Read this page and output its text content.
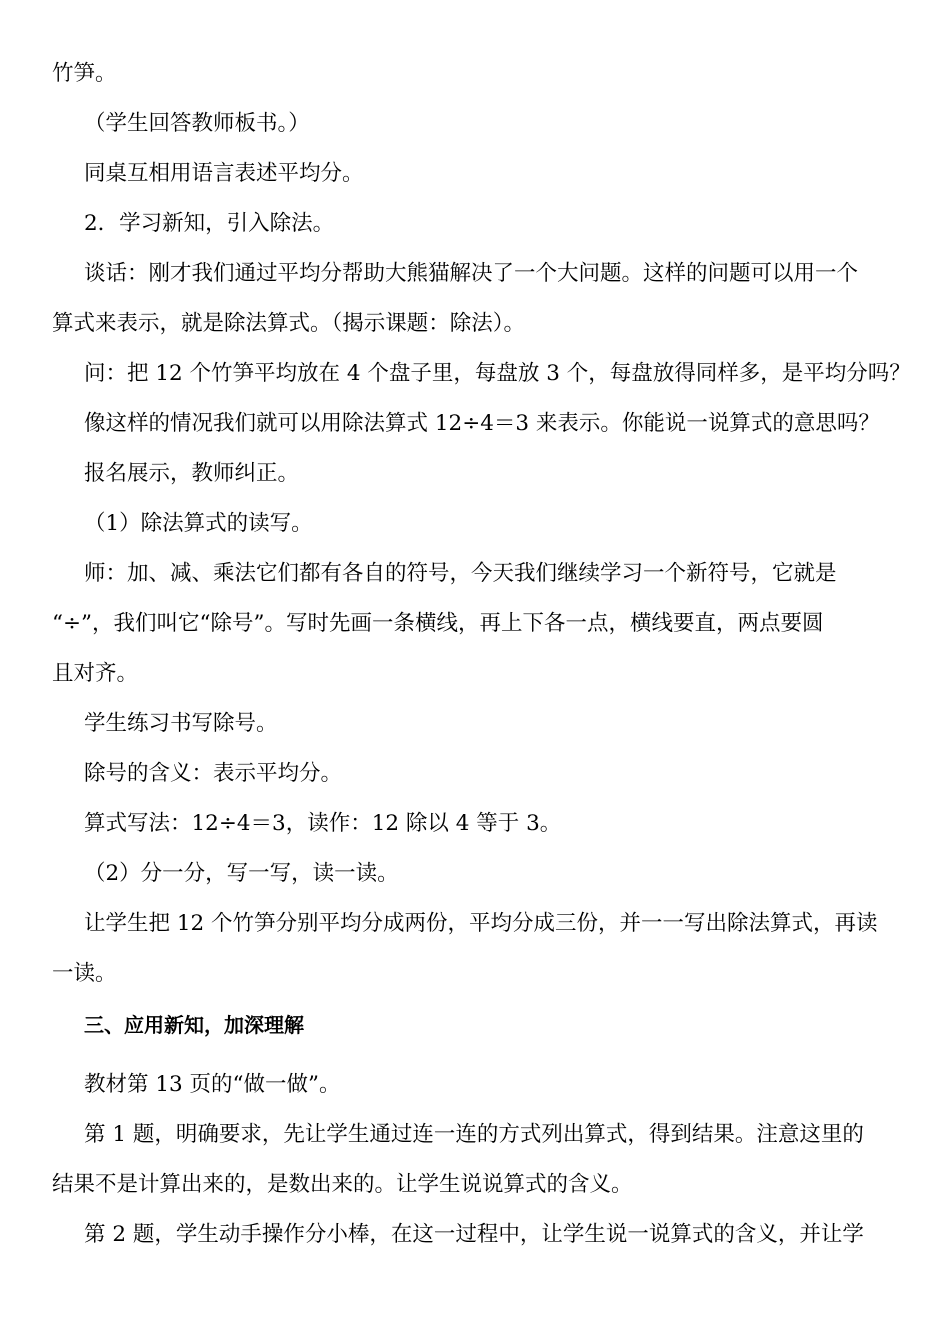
竹笋。

（学生回答教师板书。）

同桌互相用语言表述平均分。

2．学习新知，引入除法。

谈话：刚才我们通过平均分帮助大熊猫解决了一个大问题。这样的问题可以用一个

算式来表示，就是除法算式。（揭示课题：除法）。

问：把 12 个竹笋平均放在 4 个盘子里，每盘放 3 个，每盘放得同样多，是平均分吗？

像这样的情况我们就可以用除法算式 12÷4＝3 来表示。你能说一说算式的意思吗？

报名展示，教师纠正。

（1）除法算式的读写。

师：加、减、乘法它们都有各自的符号，今天我们继续学习一个新符号，它就是

“÷”，我们叫它“除号”。写时先画一条横线，再上下各一点，横线要直，两点要圆

且对齐。

学生练习书写除号。

除号的含义：表示平均分。

算式写法：12÷4＝3，读作：12 除以 4 等于 3。

（2）分一分，写一写，读一读。

让学生把 12 个竹笋分别平均分成两份，平均分成三份，并一一写出除法算式，再读

一读。

三、应用新知，加深理解

教材第 13 页的“做一做”。

第 1 题，明确要求，先让学生通过连一连的方式列出算式，得到结果。注意这里的

结果不是计算出来的，是数出来的。让学生说说算式的含义。

第 2 题，学生动手操作分小棒，在这一过程中，让学生说一说算式的含义，并让学
